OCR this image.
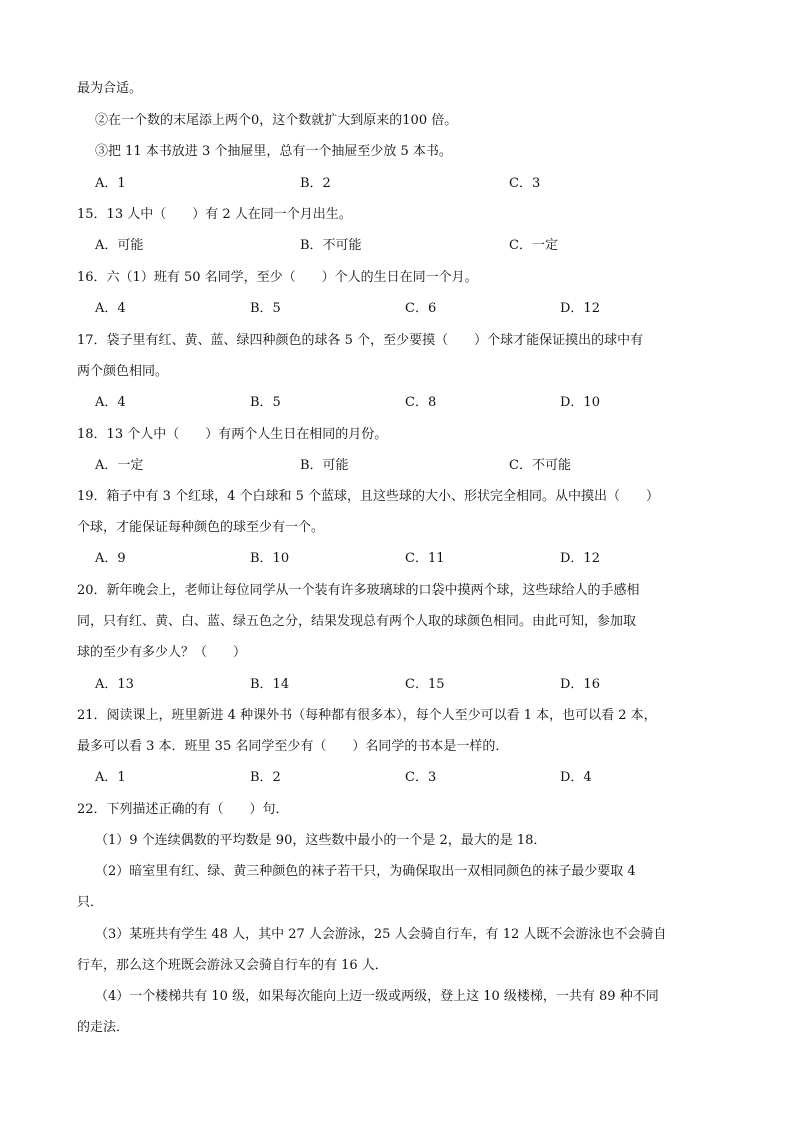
最为合适。
②在一个数的末尾添上两个0，这个数就扩大到原来的100 倍。
③把 11 本书放进 3 个抽屉里，总有一个抽屉至少放 5 本书。
A．1	B．2	C．3
15．13 人中（　　）有 2 人在同一个月出生。
A．可能	B．不可能	C．一定
16．六（1）班有 50 名同学，至少（　　）个人的生日在同一个月。
A．4	B．5	C．6	D．12
17．袋子里有红、黄、蓝、绿四种颜色的球各 5 个，至少要摸（　　）个球才能保证摸出的球中有
两个颜色相同。
A．4	B．5	C．8	D．10
18．13 个人中（　　）有两个人生日在相同的月份。
A．一定	B．可能	C．不可能
19．箱子中有 3 个红球，4 个白球和 5 个蓝球，且这些球的大小、形状完全相同。从中摸出（　　）
个球，才能保证每种颜色的球至少有一个。
A．9	B．10	C．11	D．12
20．新年晚会上，老师让每位同学从一个装有许多玻璃球的口袋中摸两个球，这些球给人的手感相
同，只有红、黄、白、蓝、绿五色之分，结果发现总有两个人取的球颜色相同。由此可知，参加取
球的至少有多少人？（　　）
A．13	B．14	C．15	D．16
21．阅读课上，班里新进 4 种课外书（每种都有很多本），每个人至少可以看 1 本，也可以看 2 本，
最多可以看 3 本．班里 35 名同学至少有（　　）名同学的书本是一样的．
A．1	B．2	C．3	D．4
22．下列描述正确的有（　　）句．
（1）9 个连续偶数的平均数是 90，这些数中最小的一个是 2，最大的是 18．
（2）暗室里有红、绿、黄三种颜色的袜子若干只，为确保取出一双相同颜色的袜子最少要取 4
只．
（3）某班共有学生 48 人，其中 27 人会游泳，25 人会骑自行车，有 12 人既不会游泳也不会骑自
行车，那么这个班既会游泳又会骑自行车的有 16 人．
（4）一个楼梯共有 10 级，如果每次能向上迈一级或两级，登上这 10 级楼梯，一共有 89 种不同
的走法．
